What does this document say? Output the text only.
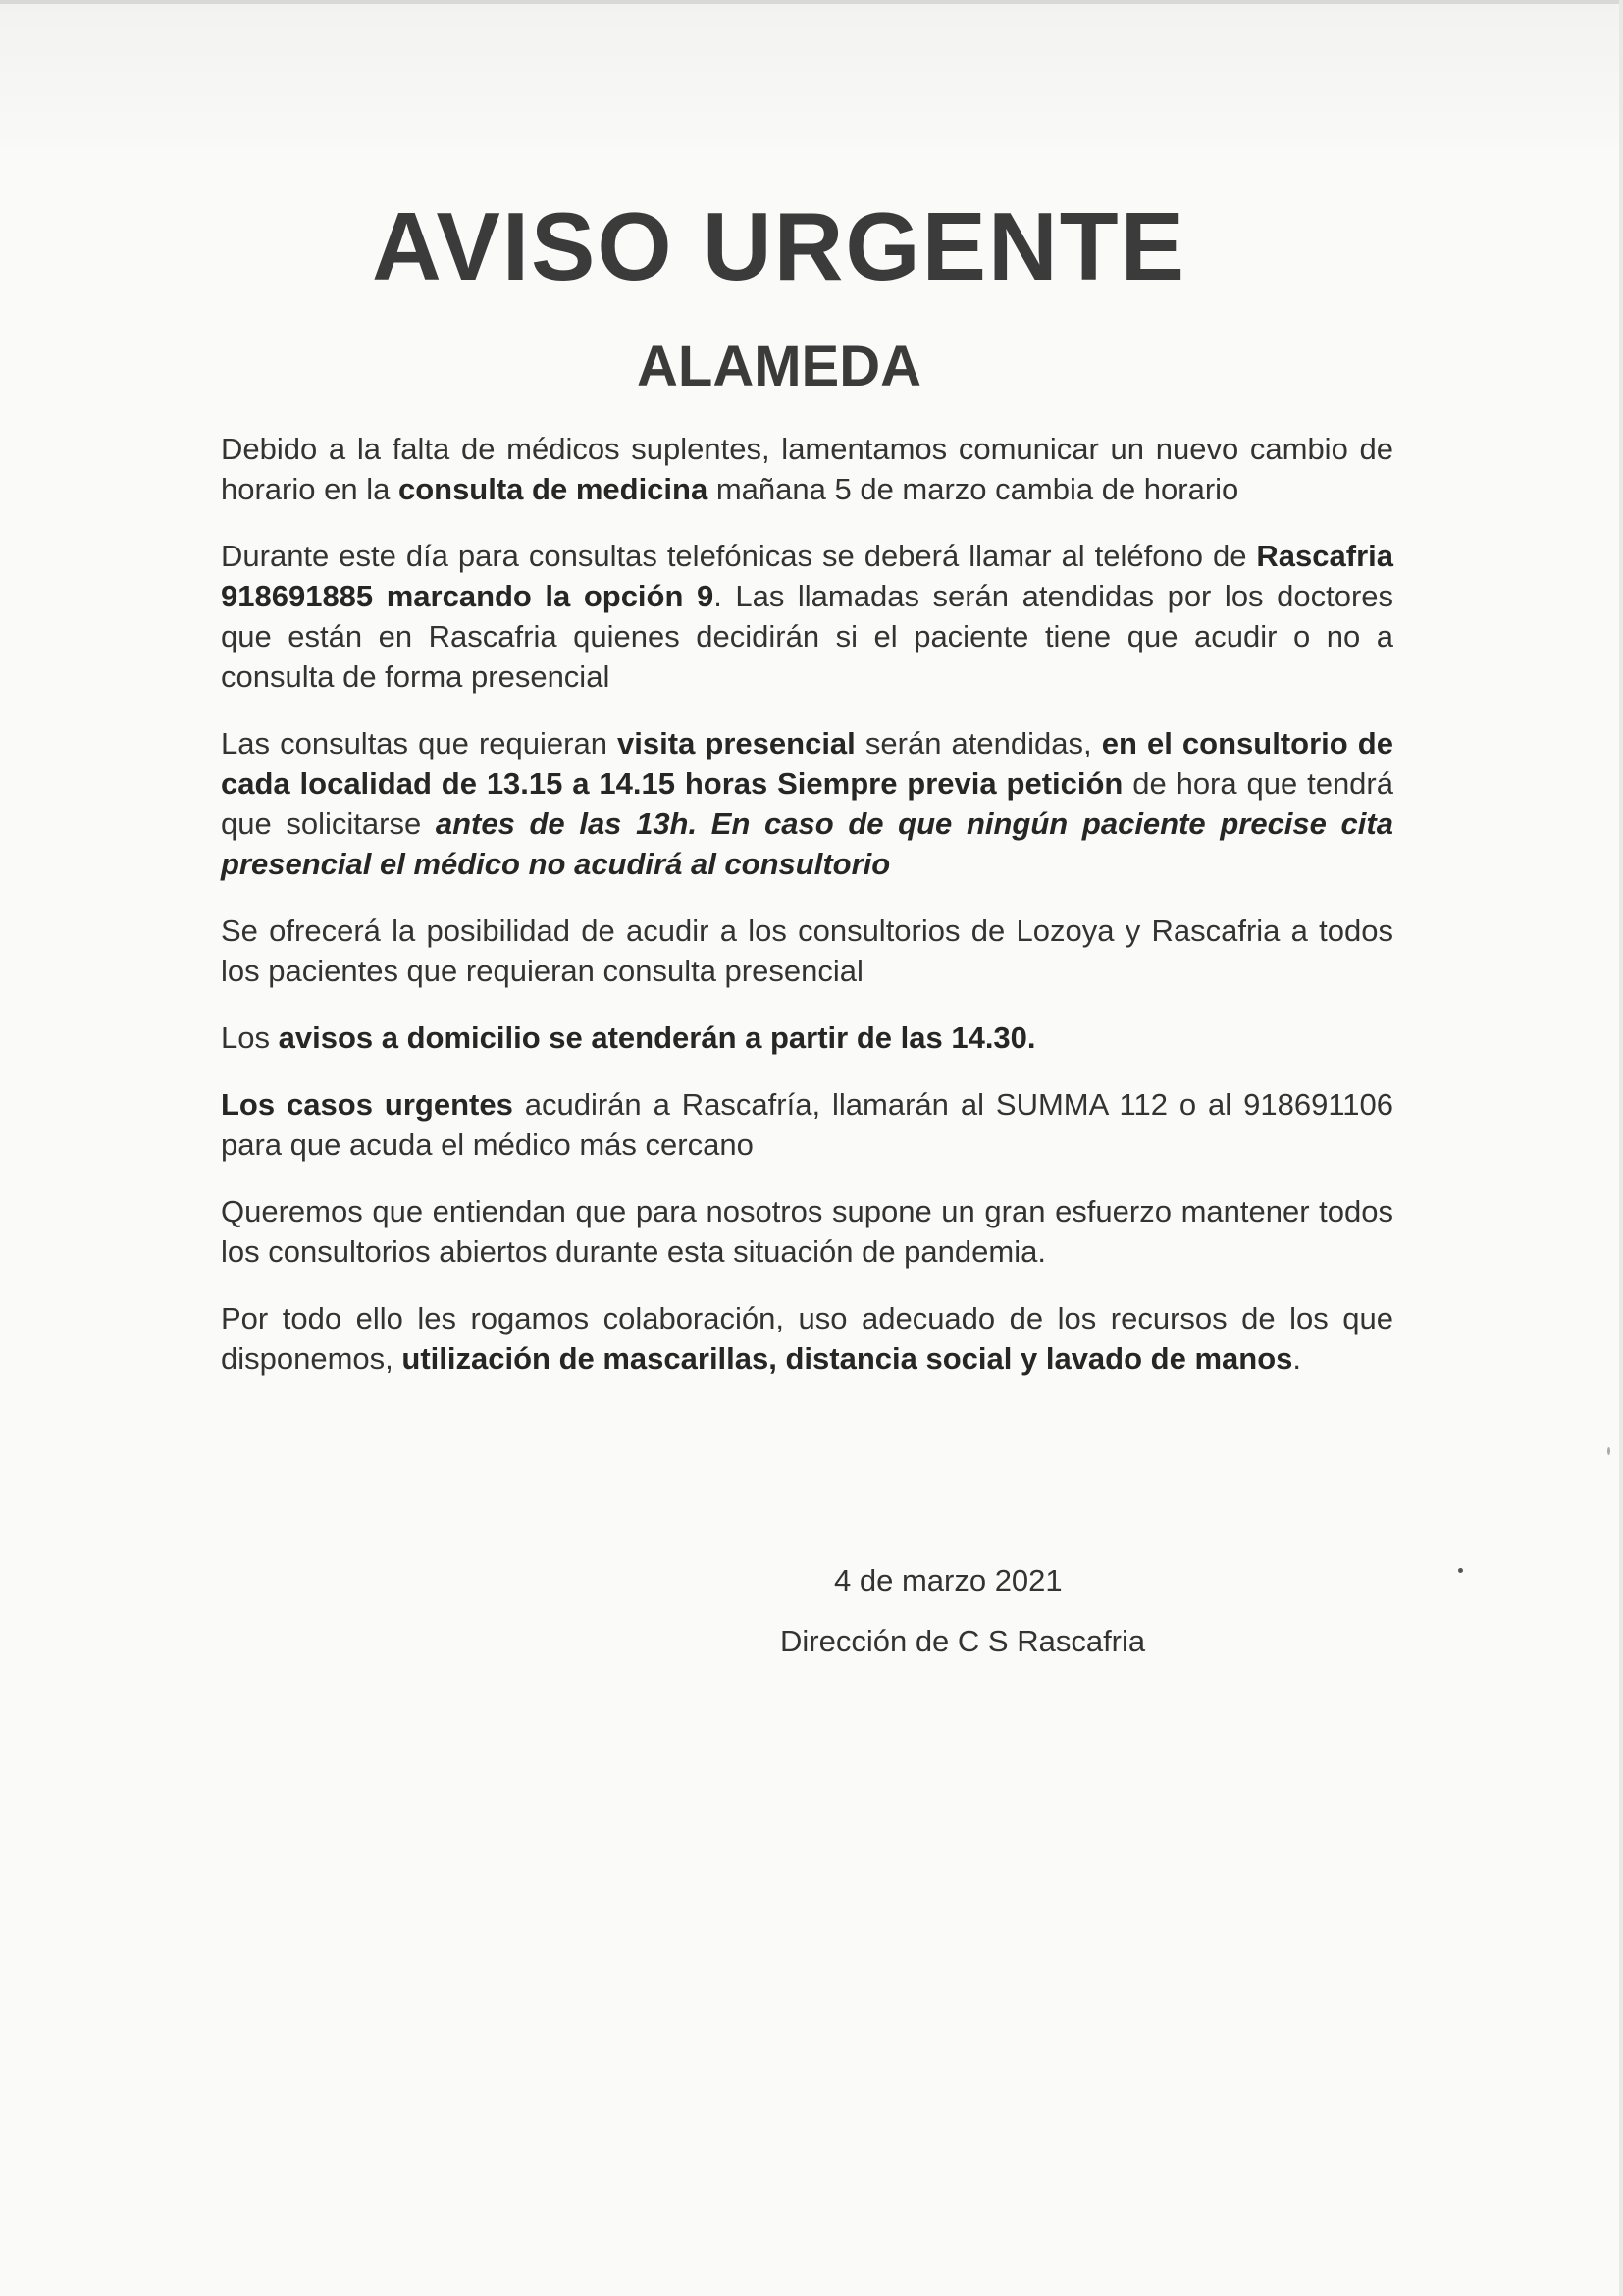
AVISO URGENTE
ALAMEDA

Debido a la falta de médicos suplentes, lamentamos comunicar un nuevo cambio de horario en la consulta de medicina mañana 5 de marzo cambia de horario

Durante este día para consultas telefónicas se deberá llamar al teléfono de Rascafria 918691885 marcando la opción 9. Las llamadas serán atendidas por los doctores que están en Rascafria quienes decidirán si el paciente tiene que acudir o no a consulta de forma presencial

Las consultas que requieran visita presencial serán atendidas, en el consultorio de cada localidad de 13.15 a 14.15 horas Siempre previa petición de hora que tendrá que solicitarse antes de las 13h. En caso de que ningún paciente precise cita presencial el médico no acudirá al consultorio

Se ofrecerá la posibilidad de acudir a los consultorios de Lozoya y Rascafria a todos los pacientes que requieran consulta presencial

Los avisos a domicilio se atenderán a partir de las 14.30.

Los casos urgentes acudirán a Rascafría, llamarán al SUMMA 112 o al 918691106 para que acuda el médico más cercano

Queremos que entiendan que para nosotros supone un gran esfuerzo mantener todos los consultorios abiertos durante esta situación de pandemia.

Por todo ello les rogamos colaboración, uso adecuado de los recursos de los que disponemos, utilización de mascarillas, distancia social y lavado de manos.

4 de marzo 2021
Dirección de C S Rascafria
